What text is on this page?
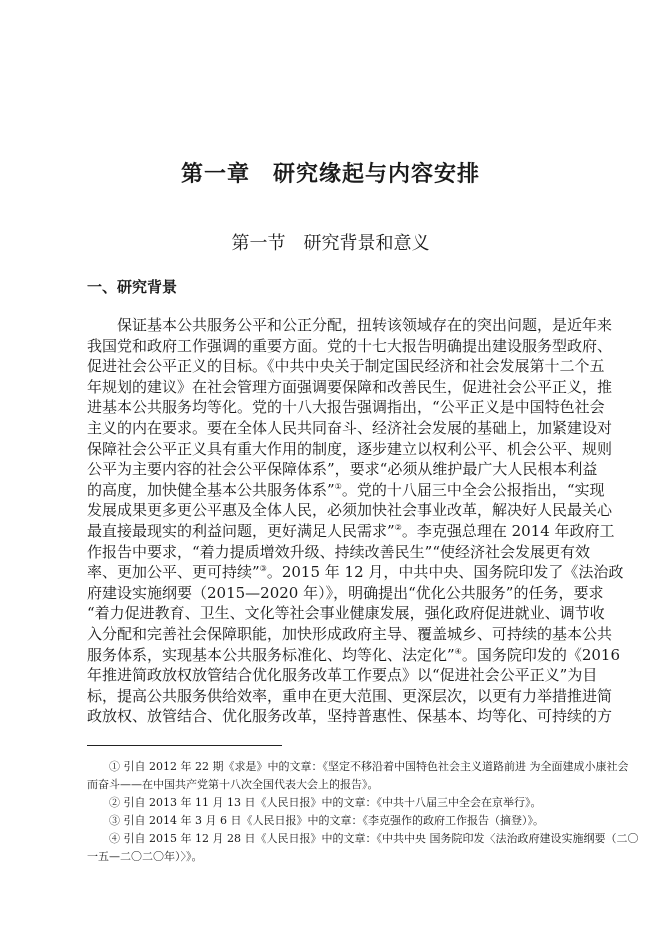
第一章　研究缘起与内容安排
第一节　研究背景和意义
一、研究背景
保证基本公共服务公平和公正分配，扭转该领域存在的突出问题，是近年来
我国党和政府工作强调的重要方面。党的十七大报告明确提出建设服务型政府、
促进社会公平正义的目标。《中共中央关于制定国民经济和社会发展第十二个五
年规划的建议》在社会管理方面强调要保障和改善民生，促进社会公平正义，推
进基本公共服务均等化。党的十八大报告强调指出，“公平正义是中国特色社会
主义的内在要求。要在全体人民共同奋斗、经济社会发展的基础上，加紧建设对
保障社会公平正义具有重大作用的制度，逐步建立以权利公平、机会公平、规则
公平为主要内容的社会公平保障体系”，要求“必须从维护最广大人民根本利益
的高度，加快健全基本公共服务体系”①。党的十八届三中全会公报指出，“实现
发展成果更多更公平惠及全体人民，必须加快社会事业改革，解决好人民最关心
最直接最现实的利益问题，更好满足人民需求”②。李克强总理在 2014 年政府工
作报告中要求，“着力提质增效升级、持续改善民生”“使经济社会发展更有效
率、更加公平、更可持续”③。2015 年 12 月，中共中央、国务院印发了《法治政
府建设实施纲要（2015—2020 年）》，明确提出“优化公共服务”的任务，要求
“着力促进教育、卫生、文化等社会事业健康发展，强化政府促进就业、调节收
入分配和完善社会保障职能，加快形成政府主导、覆盖城乡、可持续的基本公共
服务体系，实现基本公共服务标准化、均等化、法定化”④。国务院印发的《2016
年推进简政放权放管结合优化服务改革工作要点》以“促进社会公平正义”为目
标，提高公共服务供给效率，重申在更大范围、更深层次，以更有力举措推进简
政放权、放管结合、优化服务改革，坚持普惠性、保基本、均等化、可持续的方
① 引自 2012 年 22 期《求是》中的文章：《坚定不移沿着中国特色社会主义道路前进 为全面建成小康社会
而奋斗——在中国共产党第十八次全国代表大会上的报告》。
② 引自 2013 年 11 月 13 日《人民日报》中的文章：《中共十八届三中全会在京举行》。
③ 引自 2014 年 3 月 6 日《人民日报》中的文章：《李克强作的政府工作报告（摘登）》。
④ 引自 2015 年 12 月 28 日《人民日报》中的文章：《中共中央 国务院印发〈法治政府建设实施纲要（二〇
一五—二〇二〇年）〉》。
